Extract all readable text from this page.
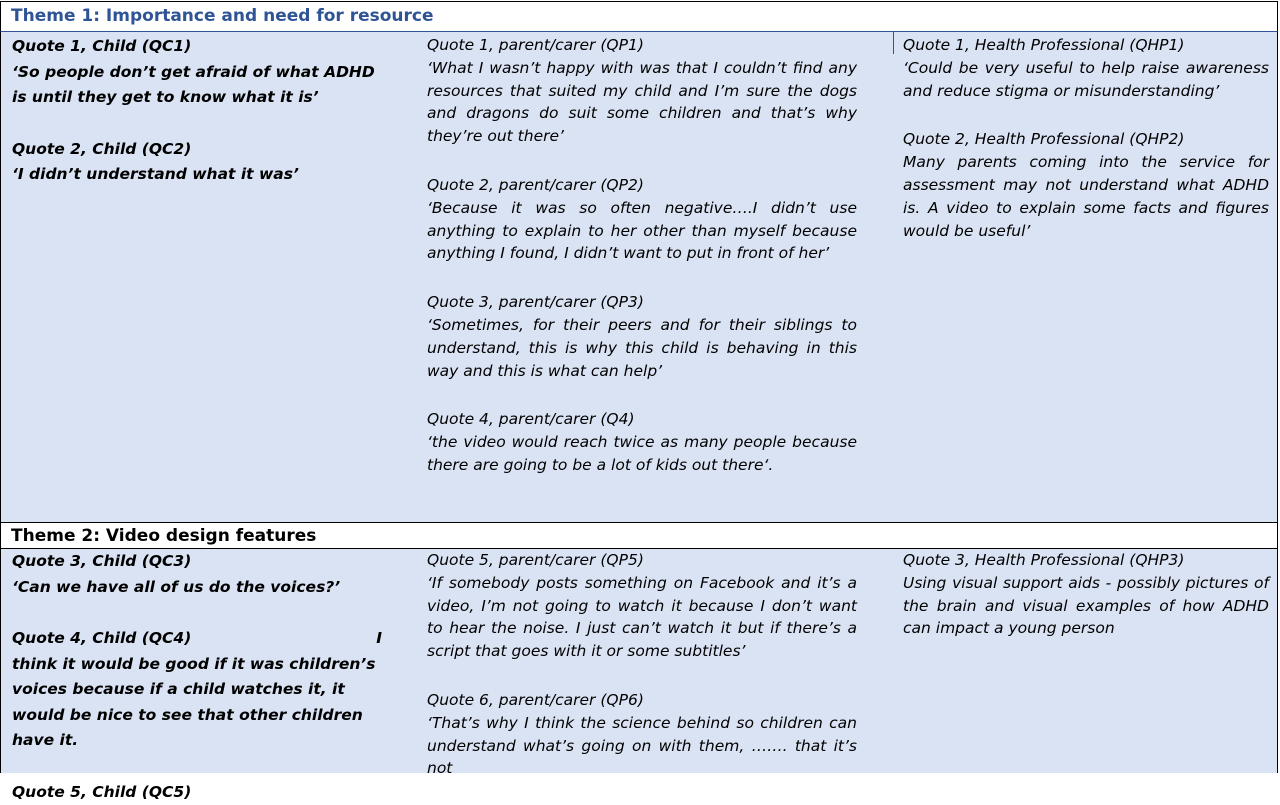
Theme 1: Importance and need for resource

Quote 1, Child (QC1)
‘So people don’t get afraid of what ADHD is until they get to know what it is’

Quote 2, Child (QC2)
‘I didn’t understand what it was’

Quote 1, parent/carer (QP1)
‘What I wasn’t happy with was that I couldn’t find any resources that suited my child and I’m sure the dogs and dragons do suit some children and that’s why they’re out there’

Quote 2, parent/carer (QP2)
‘Because it was so often negative….I didn’t use anything to explain to her other than myself because anything I found, I didn’t want to put in front of her’

Quote 3, parent/carer (QP3)
‘Sometimes, for their peers and for their siblings to understand, this is why this child is behaving in this way and this is what can help’

Quote 4, parent/carer (Q4)
‘the video would reach twice as many people because there are going to be a lot of kids out there‘.

Quote 1, Health Professional (QHP1)
‘Could be very useful to help raise awareness and reduce stigma or misunderstanding’

Quote 2, Health Professional (QHP2)
Many parents coming into the service for assessment may not understand what ADHD is. A video to explain some facts and figures would be useful’

Theme 2: Video design features

Quote 3, Child (QC3)
‘Can we have all of us do the voices?’

Quote 4, Child (QC4)	I
think it would be good if it was children’s voices because if a child watches it, it would be nice to see that other children have it.

Quote 5, Child (QC5)

Quote 5, parent/carer (QP5)
‘If somebody posts something on Facebook and it’s a video, I’m not going to watch it because I don’t want to hear the noise. I just can’t watch it but if there’s a script that goes with it or some subtitles’

Quote 6, parent/carer (QP6)
‘That’s why I think the science behind so children can understand what’s going on with them, ……. that it’s not

Quote 3, Health Professional (QHP3)
Using visual support aids - possibly pictures of the brain and visual examples of how ADHD can impact a young person
